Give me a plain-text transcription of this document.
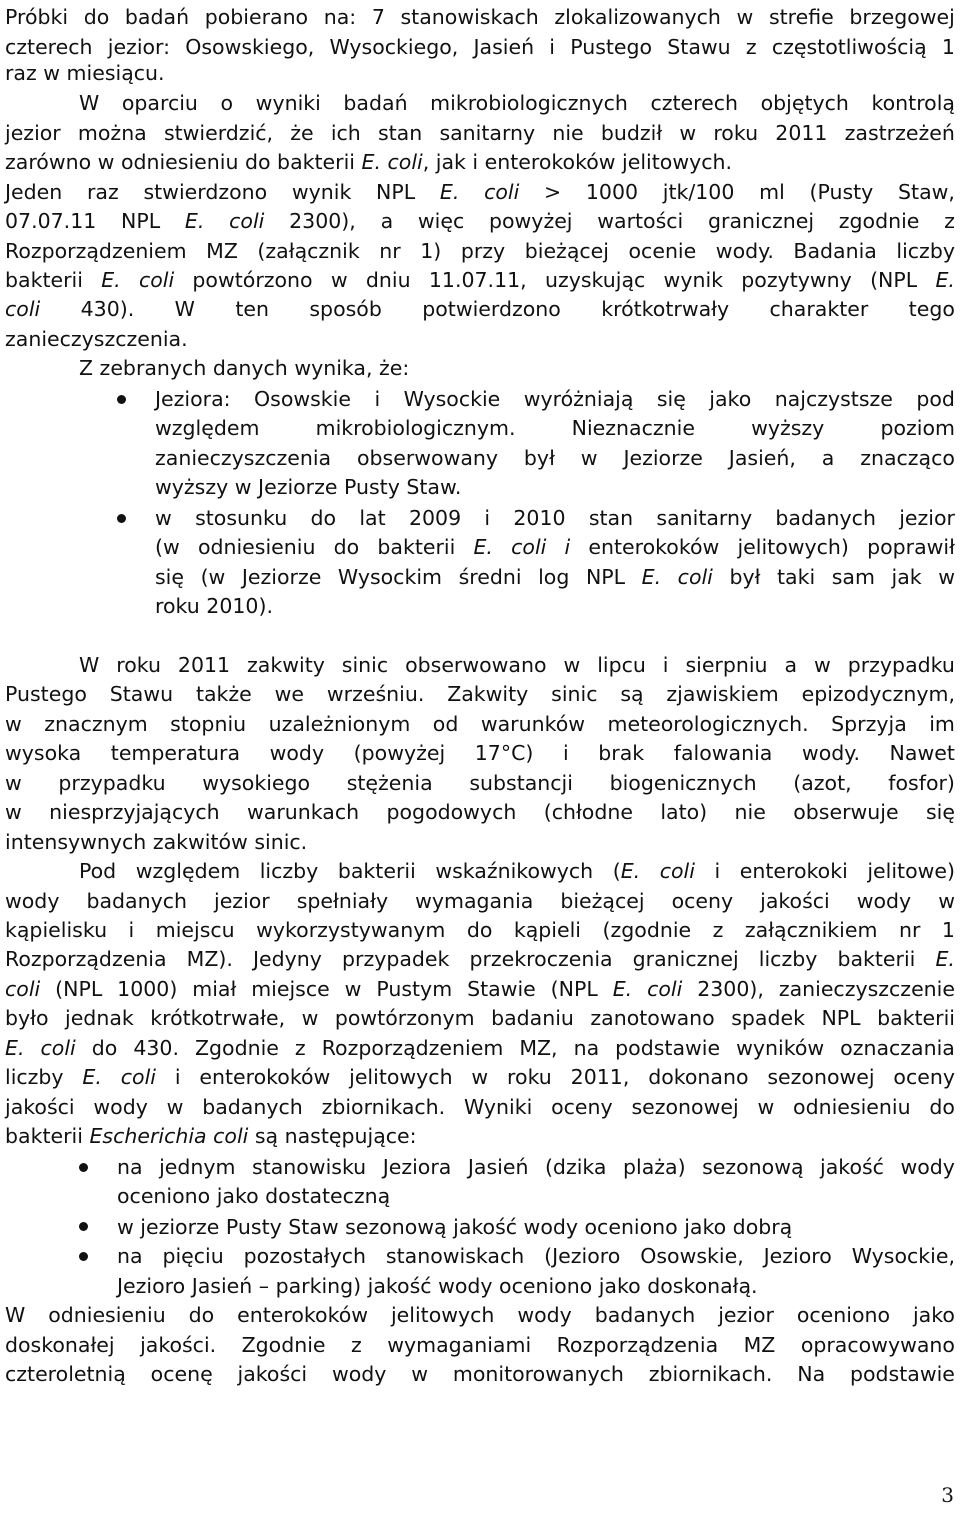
Próbki do badań pobierano na: 7 stanowiskach zlokalizowanych w strefie brzegowej
czterech jezior: Osowskiego, Wysockiego, Jasień i Pustego Stawu z częstotliwością 1
raz w miesiącu.
W oparciu o wyniki badań mikrobiologicznych czterech objętych kontrolą
jezior można stwierdzić, że ich stan sanitarny nie budził w roku 2011 zastrzeżeń
zarówno w odniesieniu do bakterii E. coli, jak i enterokoków jelitowych.
Jeden raz stwierdzono wynik NPL E. coli > 1000 jtk/100 ml (Pusty Staw,
07.07.11 NPL E. coli 2300), a więc powyżej wartości granicznej zgodnie z
Rozporządzeniem MZ (załącznik nr 1) przy bieżącej ocenie wody. Badania liczby
bakterii E. coli powtórzono w dniu 11.07.11, uzyskując wynik pozytywny (NPL E.
coli 430). W ten sposób potwierdzono krótkotrwały charakter tego
zanieczyszczenia.
Z zebranych danych wynika, że:
Jeziora: Osowskie i Wysockie wyróżniają się jako najczystsze pod
względem	mikrobiologicznym.	Nieznacznie	wyższy	poziom
zanieczyszczenia obserwowany był w Jeziorze Jasień, a znacząco
wyższy w Jeziorze Pusty Staw.
w stosunku do lat 2009 i 2010 stan sanitarny badanych jezior
(w odniesieniu do bakterii E. coli i enterokoków jelitowych) poprawił
się (w Jeziorze Wysockim średni log NPL E. coli był taki sam jak w
roku 2010).
W roku 2011 zakwity sinic obserwowano w lipcu i sierpniu a w przypadku
Pustego Stawu także we wrześniu. Zakwity sinic są zjawiskiem epizodycznym,
w znacznym stopniu uzależnionym od warunków meteorologicznych. Sprzyja im
wysoka temperatura wody (powyżej 17°C) i brak falowania wody. Nawet
w przypadku wysokiego stężenia substancji biogenicznych (azot, fosfor)
w niesprzyjających warunkach pogodowych (chłodne lato) nie obserwuje się
intensywnych zakwitów sinic.
Pod względem liczby bakterii wskaźnikowych (E. coli i enterokoki jelitowe)
wody badanych jezior spełniały wymagania bieżącej oceny jakości wody w
kąpielisku i miejscu wykorzystywanym do kąpieli (zgodnie z załącznikiem nr 1
Rozporządzenia MZ). Jedyny przypadek przekroczenia granicznej liczby bakterii E.
coli (NPL 1000) miał miejsce w Pustym Stawie (NPL E. coli 2300), zanieczyszczenie
było jednak krótkotrwałe, w powtórzonym badaniu zanotowano spadek NPL bakterii
E. coli do 430. Zgodnie z Rozporządzeniem MZ, na podstawie wyników oznaczania
liczby E. coli i enterokoków jelitowych w roku 2011, dokonano sezonowej oceny
jakości wody w badanych zbiornikach. Wyniki oceny sezonowej w odniesieniu do
bakterii Escherichia coli są następujące:
na jednym stanowisku Jeziora Jasień (dzika plaża) sezonową jakość wody
oceniono jako dostateczną
w jeziorze Pusty Staw sezonową jakość wody oceniono jako dobrą
na pięciu pozostałych stanowiskach (Jezioro Osowskie, Jezioro Wysockie,
Jezioro Jasień – parking) jakość wody oceniono jako doskonałą.
W odniesieniu do enterokoków jelitowych wody badanych jezior oceniono jako
doskonałej jakości. Zgodnie z wymaganiami Rozporządzenia MZ opracowywano
czteroletnią ocenę jakości wody w monitorowanych zbiornikach. Na podstawie
3
